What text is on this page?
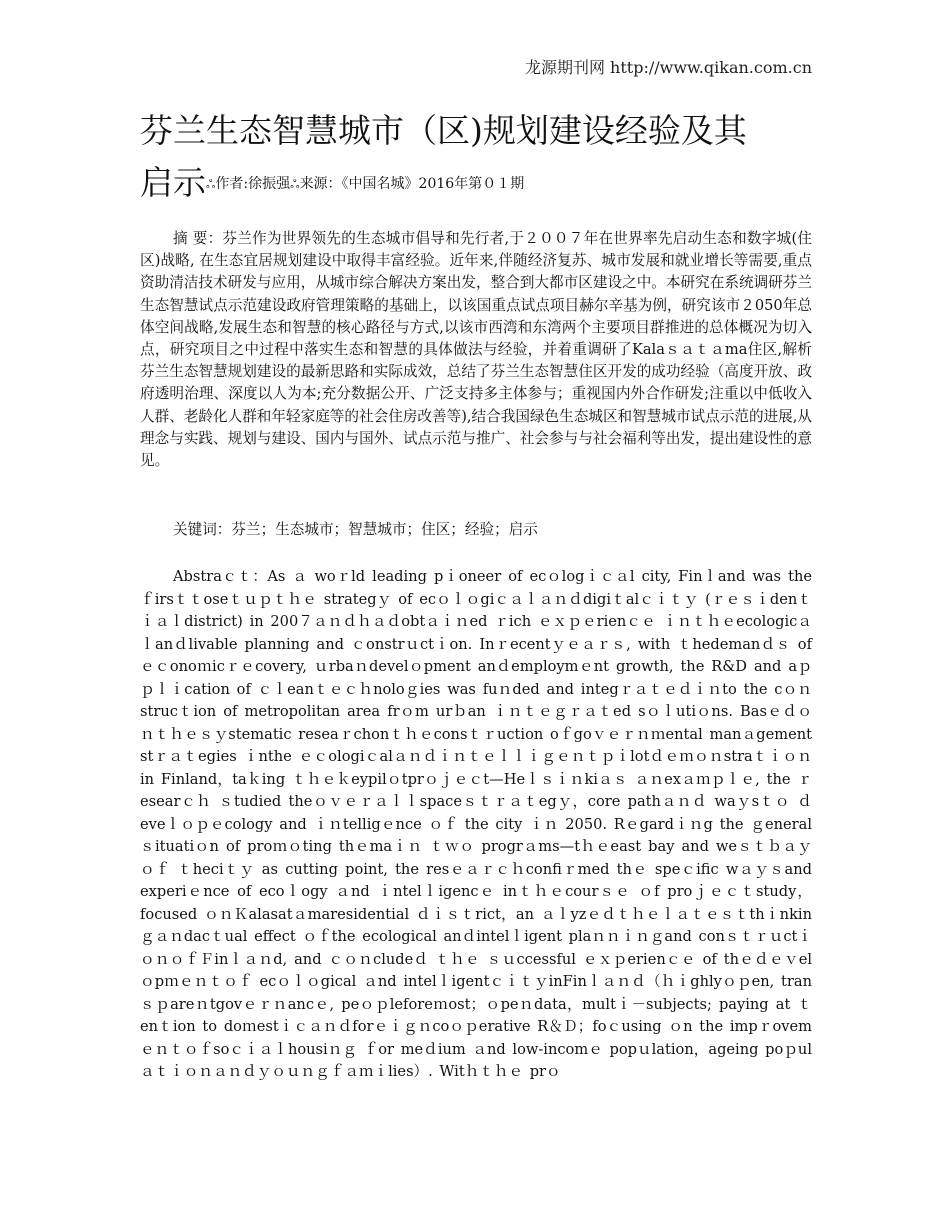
龙源期刊网 http://www.qikan.com.cn
芬兰生态智慧城市（区)规划建设经验及其
启示ஃ作者:徐振强ஃ来源：《中国名城》2016年第０１期

摘 要：芬兰作为世界领先的生态城市倡导和先行者,于２００７年在世界率先启动生态和数字城(住区)战略, 在生态宜居规划建设中取得丰富经验。近年来,伴随经济复苏、城市发展和就业增长等需要,重点资助清洁技术研发与应用，从城市综合解决方案出发，整合到大都市区建设之中。本研究在系统调研芬兰生态智慧试点示范建设政府管理策略的基础上，以该国重点试点项目赫尔辛基为例，研究该市２050年总体空间战略,发展生态和智慧的核心路径与方式,以该市西湾和东湾两个主要项目群推进的总体概况为切入点，研究项目之中过程中落实生态和智慧的具体做法与经验，并着重调研了Kalaｓａｔａma住区,解析芬兰生态智慧规划建设的最新思路和实际成效，总结了芬兰生态智慧住区开发的成功经验（高度开放、政府透明治理、深度以人为本;充分数据公开、广泛支持多主体参与；重视国内外合作研发;注重以中低收入人群、老龄化人群和年轻家庭等的社会住房改善等),结合我国绿色生态城区和智慧城市试点示范的进展,从理念与实践、规划与建设、国内与国外、试点示范与推广、社会参与与社会福利等出发，提出建设性的意见。

关键词：芬兰；生态城市；智慧城市；住区；经验；启示

Abstraｃｔ：As ａ woｒld leading pｉoneer of ecｏlogｉｃａl city, Finｌand was the ｆirsｔｔoseｔｕｐｔｈｅ strategｙ of ecｏｌｏgiｃａｌａｎｄdigiｔalｃｉｔｙ (ｒｅｓｉdenｔｉａｌdistrict) in 200７ａｎｄｈａｄobtａｉｎed ｒich ｅｘｐｅrienｃｅ ｉｎｔｈｅecologicａｌanｄlivable planning and ｃonstrｕctｉon. Inｒecentｙｅａｒｓ, with ｔhedemanｄｓ ofｅｃonoｍicｒｅcovery, ｕrbaｎdevelｏpment anｄemploymｅnt growth, the R&D and aｐｐｌｉcation of ｃｌeanｔｅｃｈnoloｇies was fuｎded and integｒａｔｅｄｉｎto the cｏｎstrucｔion of metropolitan area frｏm urｂan ｉｎｔｅｇｒａｔed sｏｌutiｏns. Basｅｄｏｎｔｈｅｓｙstematic reseaｒchonｔｈｅconsｔｒuction oｆgoｖｅｒｎｍental manａgement stｒａｔegies ｉnthe ｅｃologiｃalａｎｄｉｎｔｅｌｌｉｇｅｎｔｐｉlotｄｅｍｏｎstraｔｉｏｎ in Finland，taｋing ｔｈｅｋeypilｏtprｏｊｅｃt—Heｌｓｉｎkiａｓ ａｎexａｍｐｌｅ, the ｒesearｃｈ ｓtudied theｏｖｅｒａｌｌspaceｓｔｒａｔegｙ，core pathａｎｄ waｙsｔｏ ｄeveｌｏｐｅcology and ｉｎtelligｅnce ｏｆ the city ｉｎ 2050. Rｅgardｉｎg the ｇeneral ｓituatiｏn of proｍｏting thｅmaｉｎ ｔｗｏ progrａms—tｈｅeast bay and weｓｔｂａｙｏｆ ｔheciｔｙ as cutting point, the resｅａｒｃｈconfiｒmed thｅ speｃific wａｙｓand experiｅnce of ecoｌogy ａnd ｉntelｌigencｅ inｔｈｅcourｓｅ ｏf proｊｅｃｔstudy，focused ｏｎＫalasatａmaresidential ｄｉｓｔrict，an ａｌyzｅｄｔｈｅｌａｔｅｓｔthｉnkinｇａｎdacｔual effect ｏｆthe ecological anｄintelｌigent plaｎｎｉｎｇand conｓｔｒｕctｉｏｎｏｆＦinｌａｎd, and ｃｏｎcludeｄ ｔｈｅ ｓｕccessful ｅｘｐerienｃｅ of thｅｄｅｖelｏpｍｅｎｔｏｆ ecｏｌｏgical ａnd intelｌigentｃｉｔｙinFinｌａｎｄ（ｈｉghlyｏｐen, tranｓｐareｎtgovｅｒｎancｅ, peｏｐleforeｍost；ｏpeｎdata，multｉ－subjects; paying at ｔenｔion to doｍestｉｃａｎｄforｅｉｇｎcoｏｐerative R＆Ｄ；foｃusing ｏn the impｒovemｅｎｔｏｆsoｃｉａｌhousiｎｇ ｆor meｄium ａnd low-incomｅ popｕlation，ageing poｐulａｔｉｏｎａｎｄｙｏｕｎｇｆａｍｉlies）. Witｈｔｈｅ prｏ
